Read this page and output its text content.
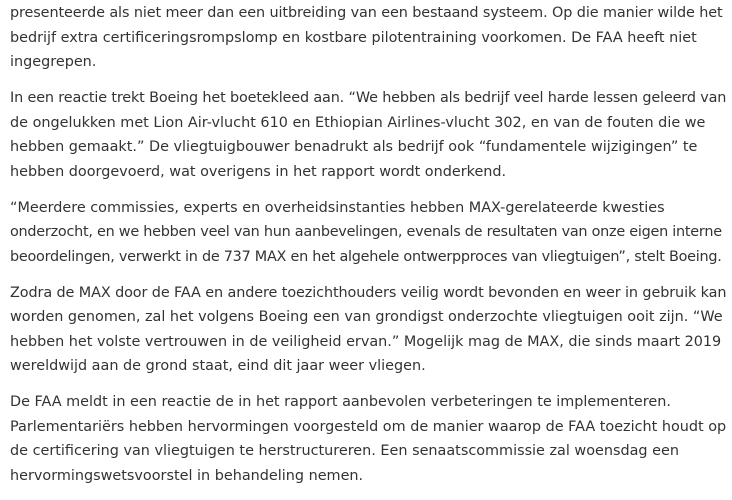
presenteerde als niet meer dan een uitbreiding van een bestaand systeem. Op die manier wilde het
bedrijf extra certificeringsrompslomp en kostbare pilotentraining voorkomen. De FAA heeft niet
ingegrepen.

In een reactie trekt Boeing het boetekleed aan. “We hebben als bedrijf veel harde lessen geleerd van
de ongelukken met Lion Air-vlucht 610 en Ethiopian Airlines-vlucht 302, en van de fouten die we
hebben gemaakt.” De vliegtuigbouwer benadrukt als bedrijf ook “fundamentele wijzigingen” te
hebben doorgevoerd, wat overigens in het rapport wordt onderkend.

“Meerdere commissies, experts en overheidsinstanties hebben MAX-gerelateerde kwesties
onderzocht, en we hebben veel van hun aanbevelingen, evenals de resultaten van onze eigen interne
beoordelingen, verwerkt in de 737 MAX en het algehele ontwerpproces van vliegtuigen”, stelt Boeing.

Zodra de MAX door de FAA en andere toezichthouders veilig wordt bevonden en weer in gebruik kan
worden genomen, zal het volgens Boeing een van grondigst onderzochte vliegtuigen ooit zijn. “We
hebben het volste vertrouwen in de veiligheid ervan.” Mogelijk mag de MAX, die sinds maart 2019
wereldwijd aan de grond staat, eind dit jaar weer vliegen.

De FAA meldt in een reactie de in het rapport aanbevolen verbeteringen te implementeren.
Parlementariërs hebben hervormingen voorgesteld om de manier waarop de FAA toezicht houdt op
de certificering van vliegtuigen te herstructureren. Een senaatscommissie zal woensdag een
hervormingswetsvoorstel in behandeling nemen.
